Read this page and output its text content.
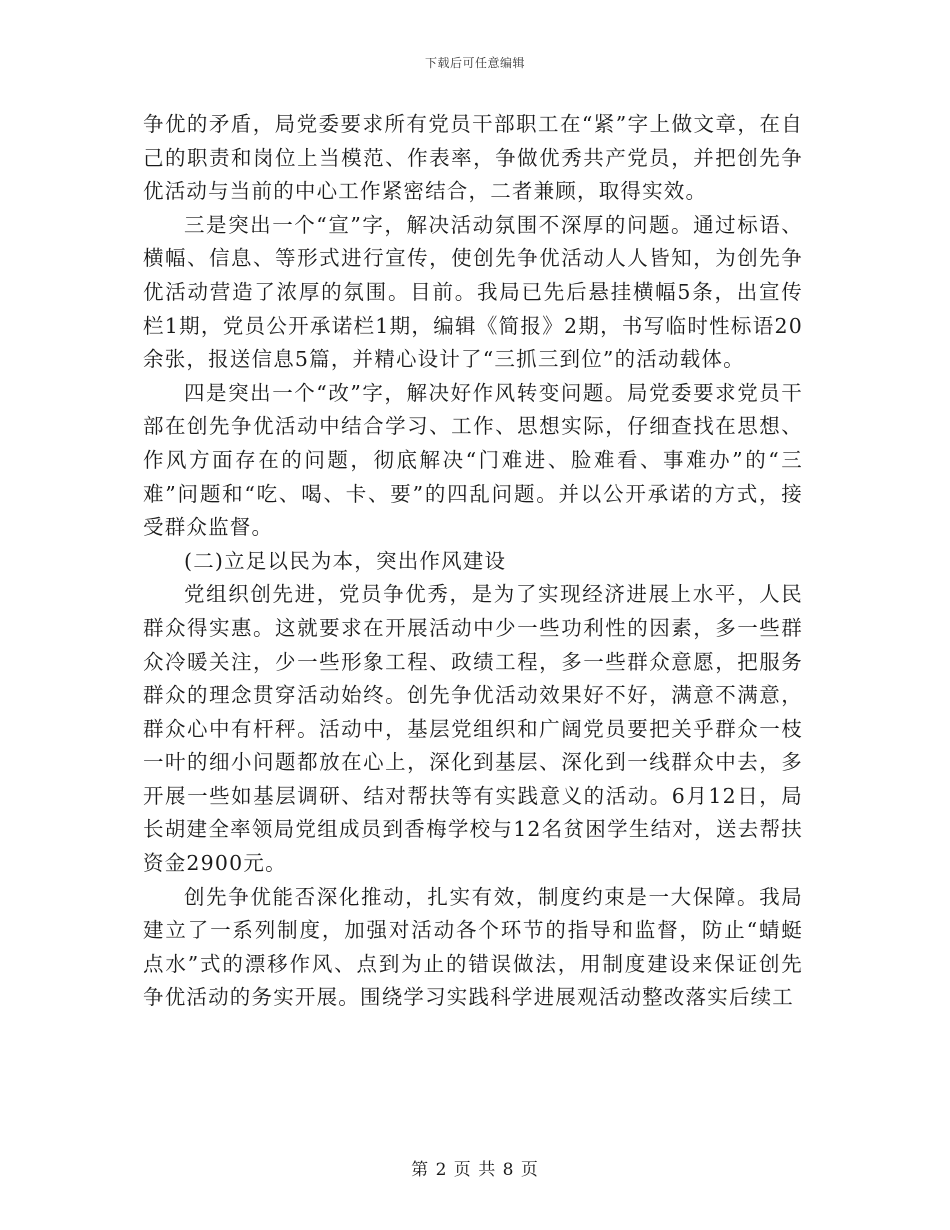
下载后可任意编辑

争优的矛盾，局党委要求所有党员干部职工在“紧”字上做文章，在自己的职责和岗位上当模范、作表率，争做优秀共产党员，并把创先争优活动与当前的中心工作紧密结合，二者兼顾，取得实效。

三是突出一个“宣”字，解决活动氛围不深厚的问题。通过标语、横幅、信息、等形式进行宣传，使创先争优活动人人皆知，为创先争优活动营造了浓厚的氛围。目前。我局已先后悬挂横幅5条，出宣传栏1期，党员公开承诺栏1期，编辑《简报》2期，书写临时性标语20余张，报送信息5篇，并精心设计了“三抓三到位”的活动载体。

四是突出一个“改”字，解决好作风转变问题。局党委要求党员干部在创先争优活动中结合学习、工作、思想实际，仔细查找在思想、作风方面存在的问题，彻底解决“门难进、脸难看、事难办”的“三难”问题和“吃、喝、卡、要”的四乱问题。并以公开承诺的方式，接受群众监督。

(二)立足以民为本，突出作风建设

党组织创先进，党员争优秀，是为了实现经济进展上水平，人民群众得实惠。这就要求在开展活动中少一些功利性的因素，多一些群众冷暖关注，少一些形象工程、政绩工程，多一些群众意愿，把服务群众的理念贯穿活动始终。创先争优活动效果好不好，满意不满意，群众心中有杆秤。活动中，基层党组织和广阔党员要把关乎群众一枝一叶的细小问题都放在心上，深化到基层、深化到一线群众中去，多开展一些如基层调研、结对帮扶等有实践意义的活动。6月12日，局长胡建全率领局党组成员到香梅学校与12名贫困学生结对，送去帮扶资金2900元。

创先争优能否深化推动，扎实有效，制度约束是一大保障。我局建立了一系列制度，加强对活动各个环节的指导和监督，防止“蜻蜓点水”式的漂移作风、点到为止的错误做法，用制度建设来保证创先争优活动的务实开展。围绕学习实践科学进展观活动整改落实后续工

第 2 页 共 8 页
